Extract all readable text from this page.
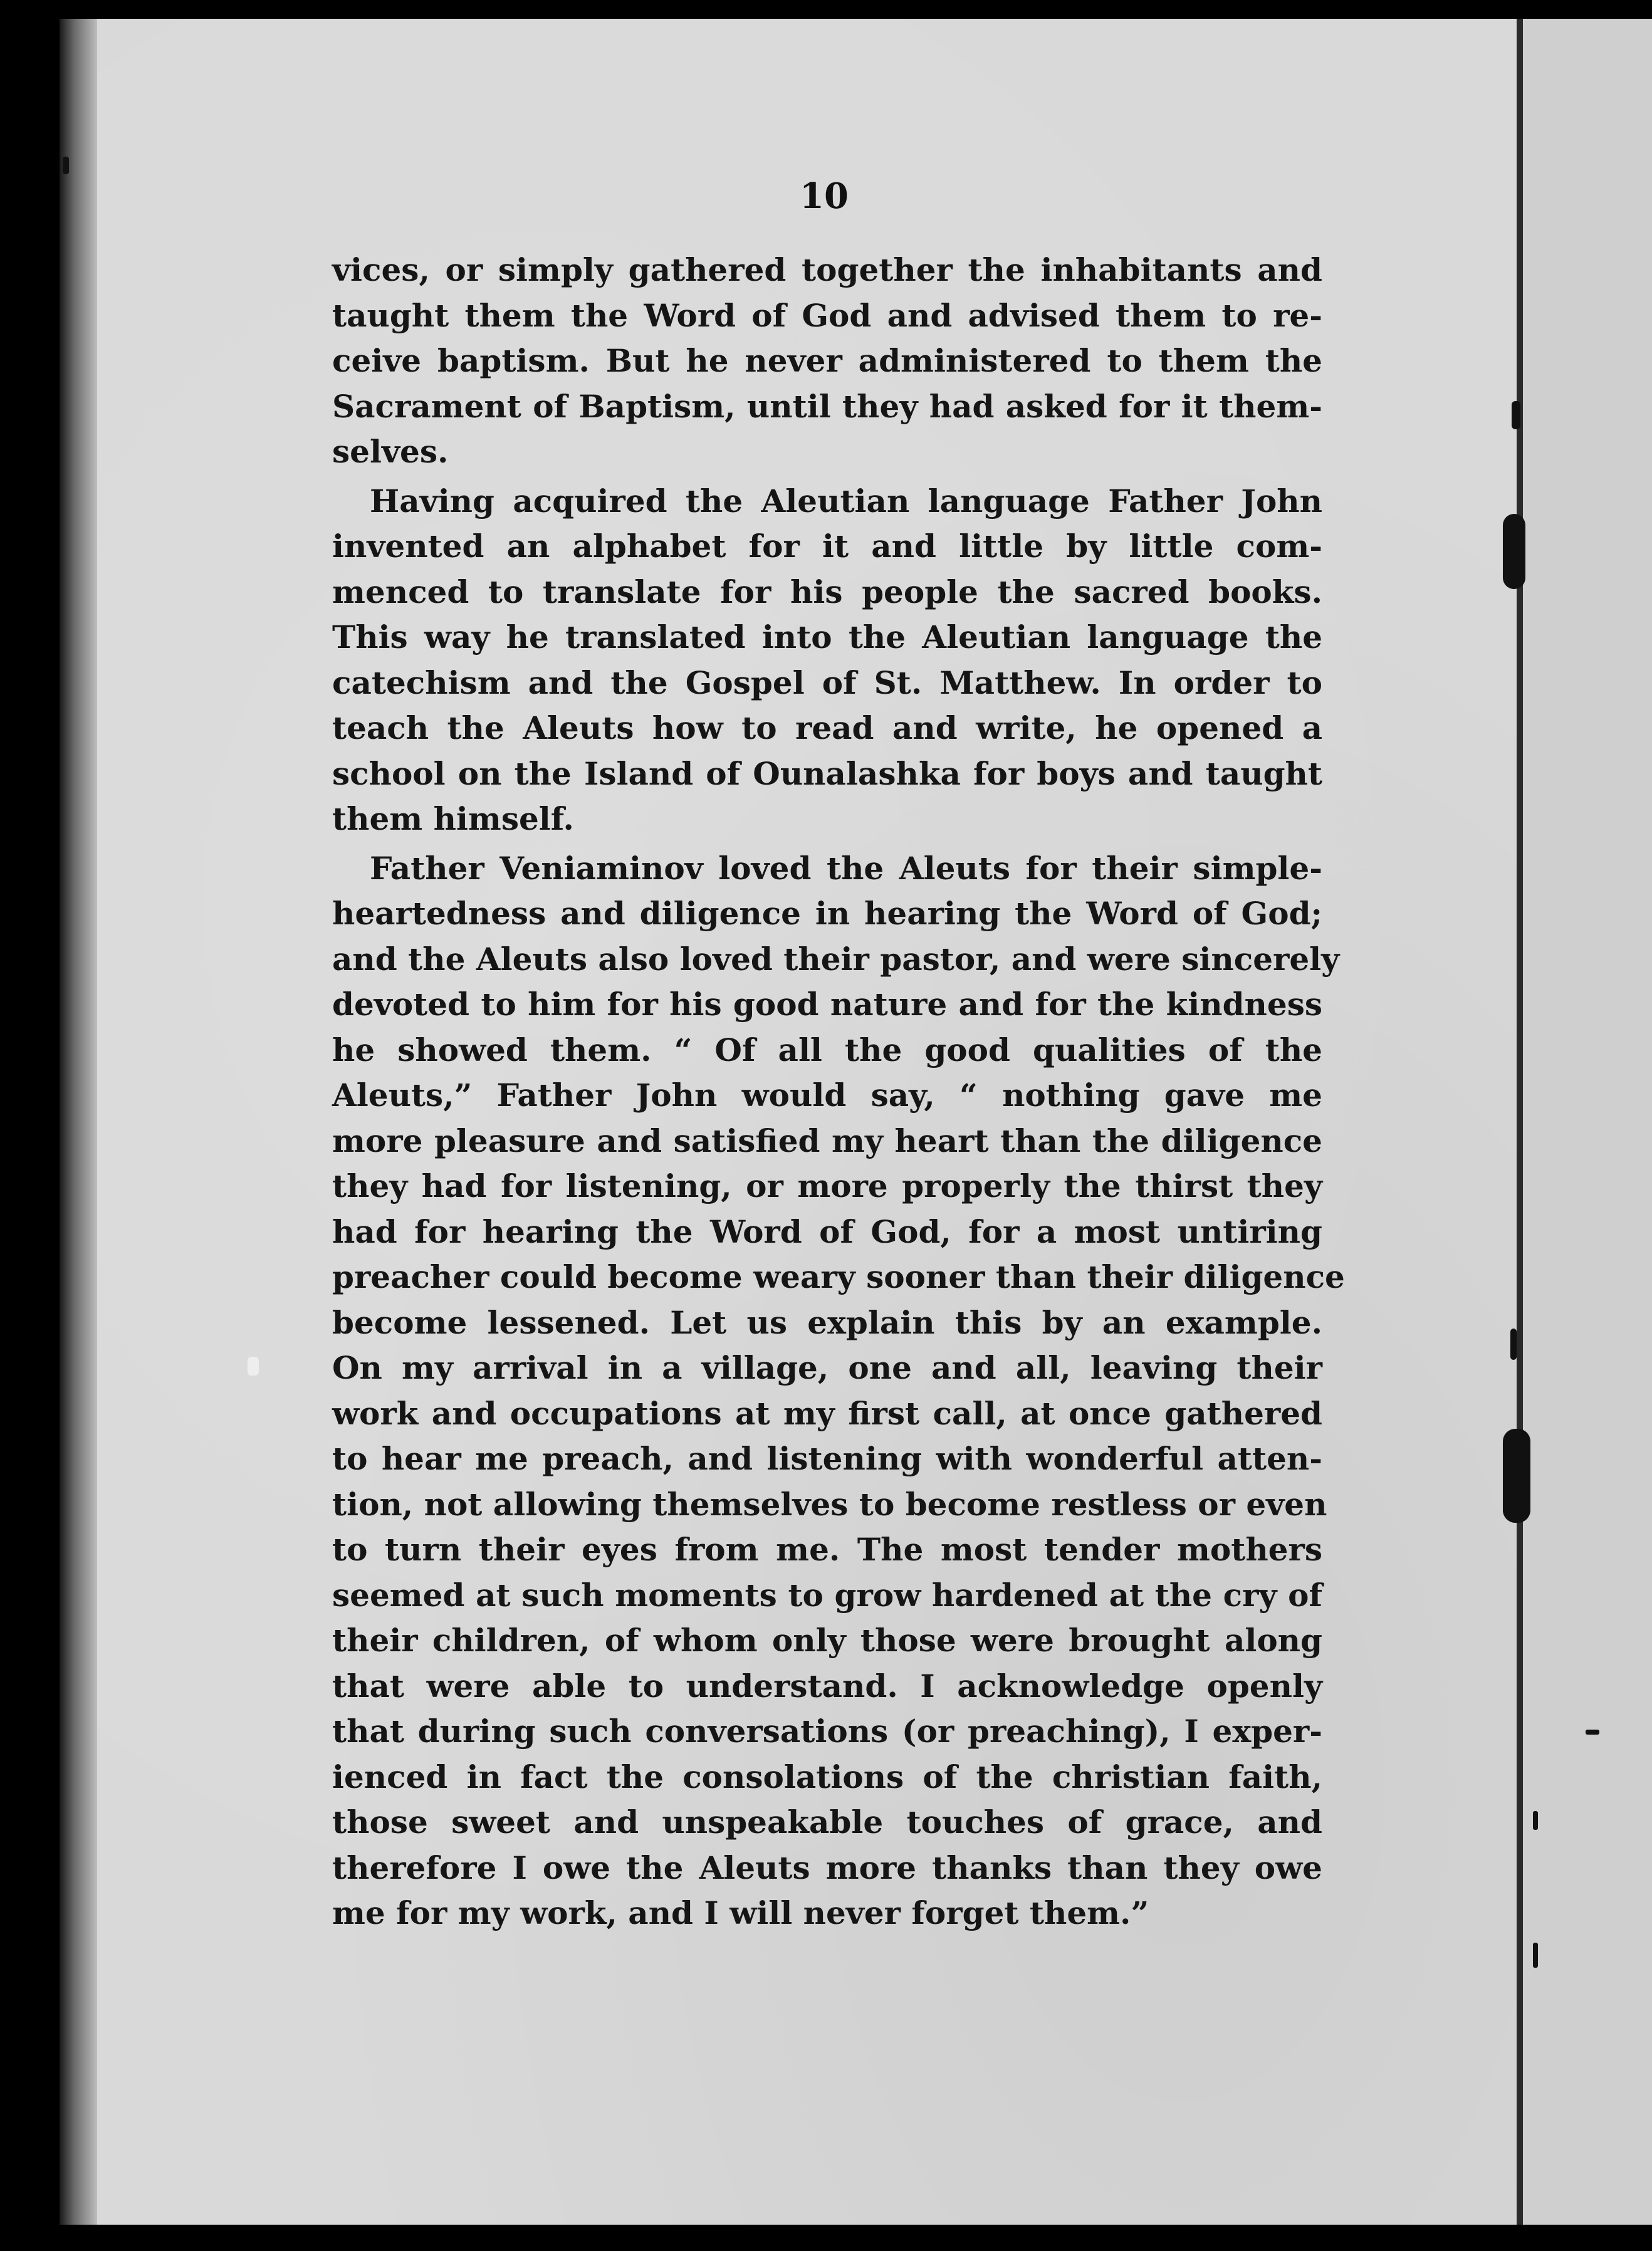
10

vices, or simply gathered together the inhabitants and
taught them the Word of God and advised them to re-
ceive baptism. But he never administered to them the
Sacrament of Baptism, until they had asked for it them-
selves.

Having acquired the Aleutian language Father John
invented an alphabet for it and little by little com-
menced to translate for his people the sacred books.
This way he translated into the Aleutian language the
catechism and the Gospel of St. Matthew. In order to
teach the Aleuts how to read and write, he opened a
school on the Island of Ounalashka for boys and taught
them himself.

Father Veniaminov loved the Aleuts for their simple-
heartedness and diligence in hearing the Word of God;
and the Aleuts also loved their pastor, and were sincerely
devoted to him for his good nature and for the kindness
he showed them. “ Of all the good qualities of the
Aleuts,” Father John would say, “ nothing gave me
more pleasure and satisfied my heart than the diligence
they had for listening, or more properly the thirst they
had for hearing the Word of God, for a most untiring
preacher could become weary sooner than their diligence
become lessened. Let us explain this by an example.
On my arrival in a village, one and all, leaving their
work and occupations at my first call, at once gathered
to hear me preach, and listening with wonderful atten-
tion, not allowing themselves to become restless or even
to turn their eyes from me. The most tender mothers
seemed at such moments to grow hardened at the cry of
their children, of whom only those were brought along
that were able to understand. I acknowledge openly
that during such conversations (or preaching), I exper-
ienced in fact the consolations of the christian faith,
those sweet and unspeakable touches of grace, and
therefore I owe the Aleuts more thanks than they owe
me for my work, and I will never forget them.”
